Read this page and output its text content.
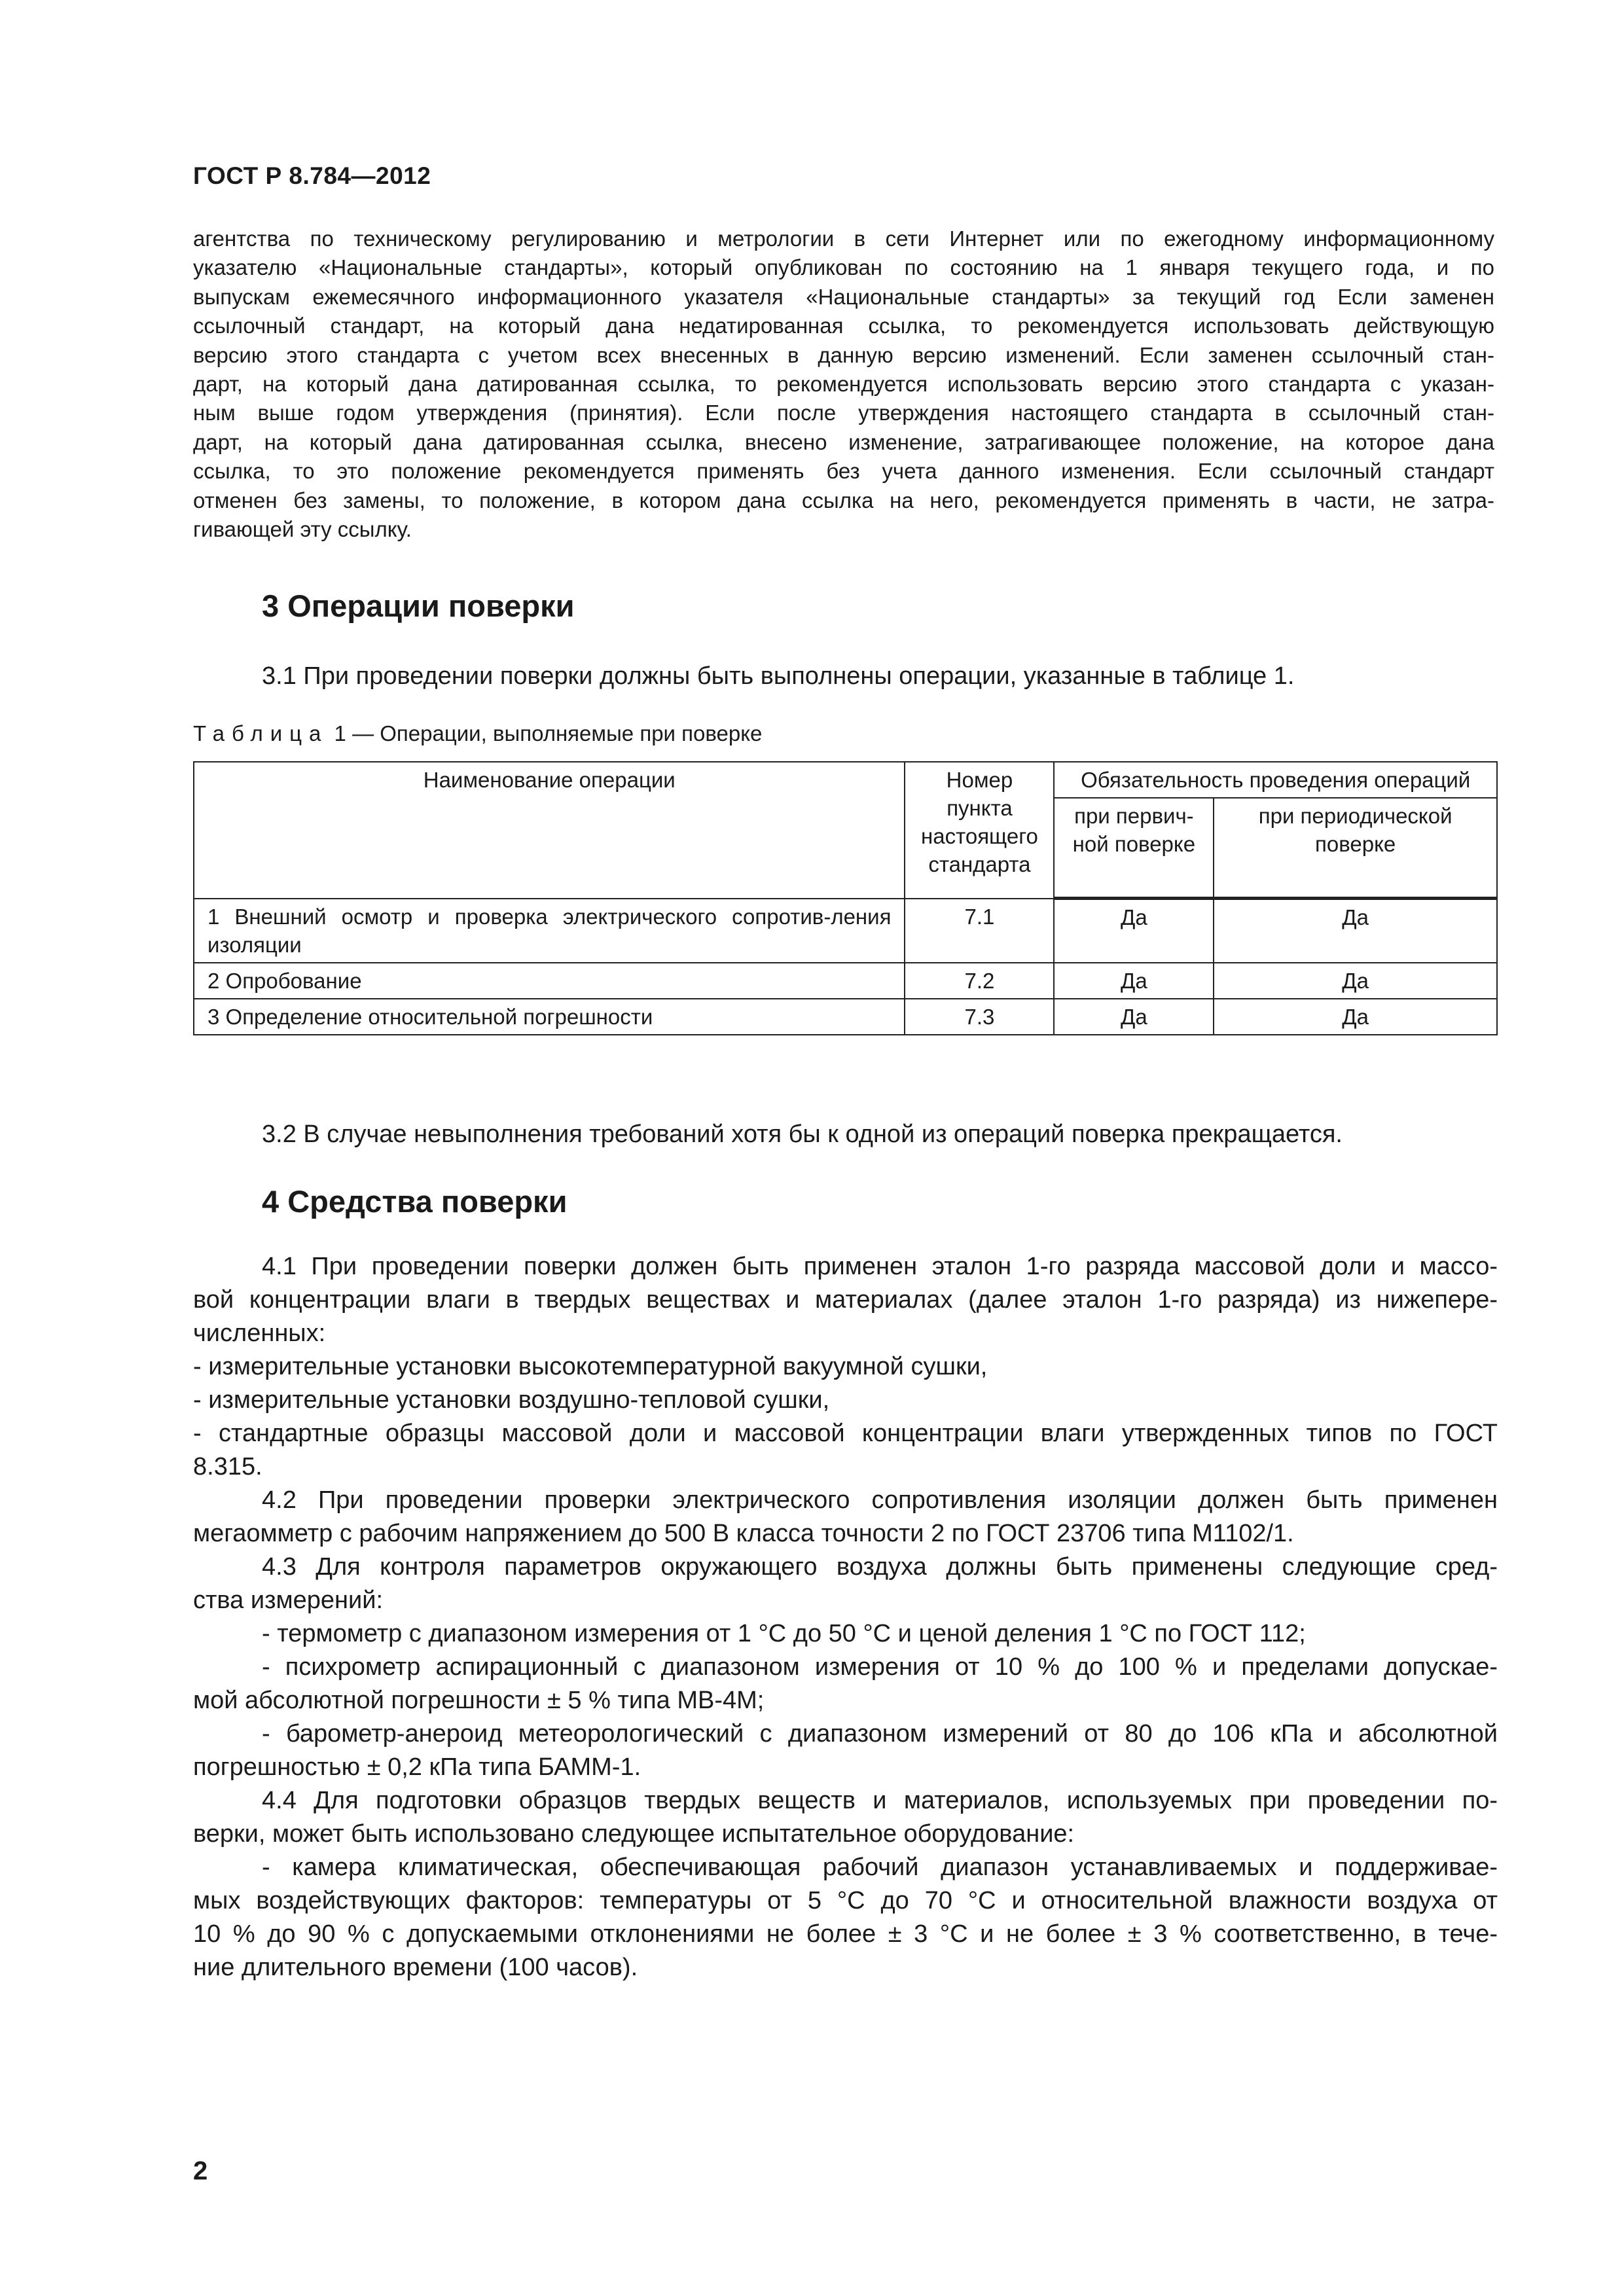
ГОСТ Р 8.784—2012
агентства по техническому регулированию и метрологии в сети Интернет или по ежегодному информационному
указателю «Национальные стандарты», который опубликован по состоянию на 1 января текущего года, и по
выпускам ежемесячного информационного указателя «Национальные стандарты» за текущий год Если заменен
ссылочный стандарт, на который дана недатированная ссылка, то рекомендуется использовать действующую
версию этого стандарта с учетом всех внесенных в данную версию изменений. Если заменен ссылочный стан-
дарт, на который дана датированная ссылка, то рекомендуется использовать версию этого стандарта с указан-
ным выше годом утверждения (принятия). Если после утверждения настоящего стандарта в ссылочный стан-
дарт, на который дана датированная ссылка, внесено изменение, затрагивающее положение, на которое дана
ссылка, то это положение рекомендуется применять без учета данного изменения. Если ссылочный стандарт
отменен без замены, то положение, в котором дана ссылка на него, рекомендуется применять в части, не затра-
гивающей эту ссылку.
3 Операции поверки
3.1 При проведении поверки должны быть выполнены операции, указанные в таблице 1.
Таблица 1 — Операции, выполняемые при поверке
Наименование операции	Номер пункта настоящего стандарта	Обязательность проведения операций	
		при первич-ной поверке	при периодической поверке
1 Внешний осмотр и проверка электрического сопротив-ления изоляции	7.1	Да	Да
2 Опробование	7.2	Да	Да
3 Определение относительной погрешности	7.3	Да	Да
3.2 В случае невыполнения требований хотя бы к одной из операций поверка прекращается.
4 Средства поверки
4.1 При проведении поверки должен быть применен эталон 1-го разряда массовой доли и массо-
вой концентрации влаги в твердых веществах и материалах (далее эталон 1-го разряда) из нижепере-
численных:
- измерительные установки высокотемпературной вакуумной сушки,
- измерительные установки воздушно-тепловой сушки,
- стандартные образцы массовой доли и массовой концентрации влаги утвержденных типов по ГОСТ
8.315.
4.2 При проведении проверки электрического сопротивления изоляции должен быть применен
мегаомметр с рабочим напряжением до 500 В класса точности 2 по ГОСТ 23706 типа М1102/1.
4.3 Для контроля параметров окружающего воздуха должны быть применены следующие сред-
ства измерений:
- термометр с диапазоном измерения от 1 °С до 50 °С и ценой деления 1 °С по ГОСТ 112;
- психрометр аспирационный с диапазоном измерения от 10 % до 100 % и пределами допускае-
мой абсолютной погрешности ± 5 % типа МВ-4М;
- барометр-анероид метеорологический с диапазоном измерений от 80 до 106 кПа и абсолютной
погрешностью ± 0,2 кПа типа БАММ-1.
4.4 Для подготовки образцов твердых веществ и материалов, используемых при проведении по-
верки, может быть использовано следующее испытательное оборудование:
- камера климатическая, обеспечивающая рабочий диапазон устанавливаемых и поддерживае-
мых воздействующих факторов: температуры от 5 °С до 70 °С и относительной влажности воздуха от
10 % до 90 % с допускаемыми отклонениями не более ± 3 °С и не более ± 3 % соответственно, в тече-
ние длительного времени (100 часов).
2
